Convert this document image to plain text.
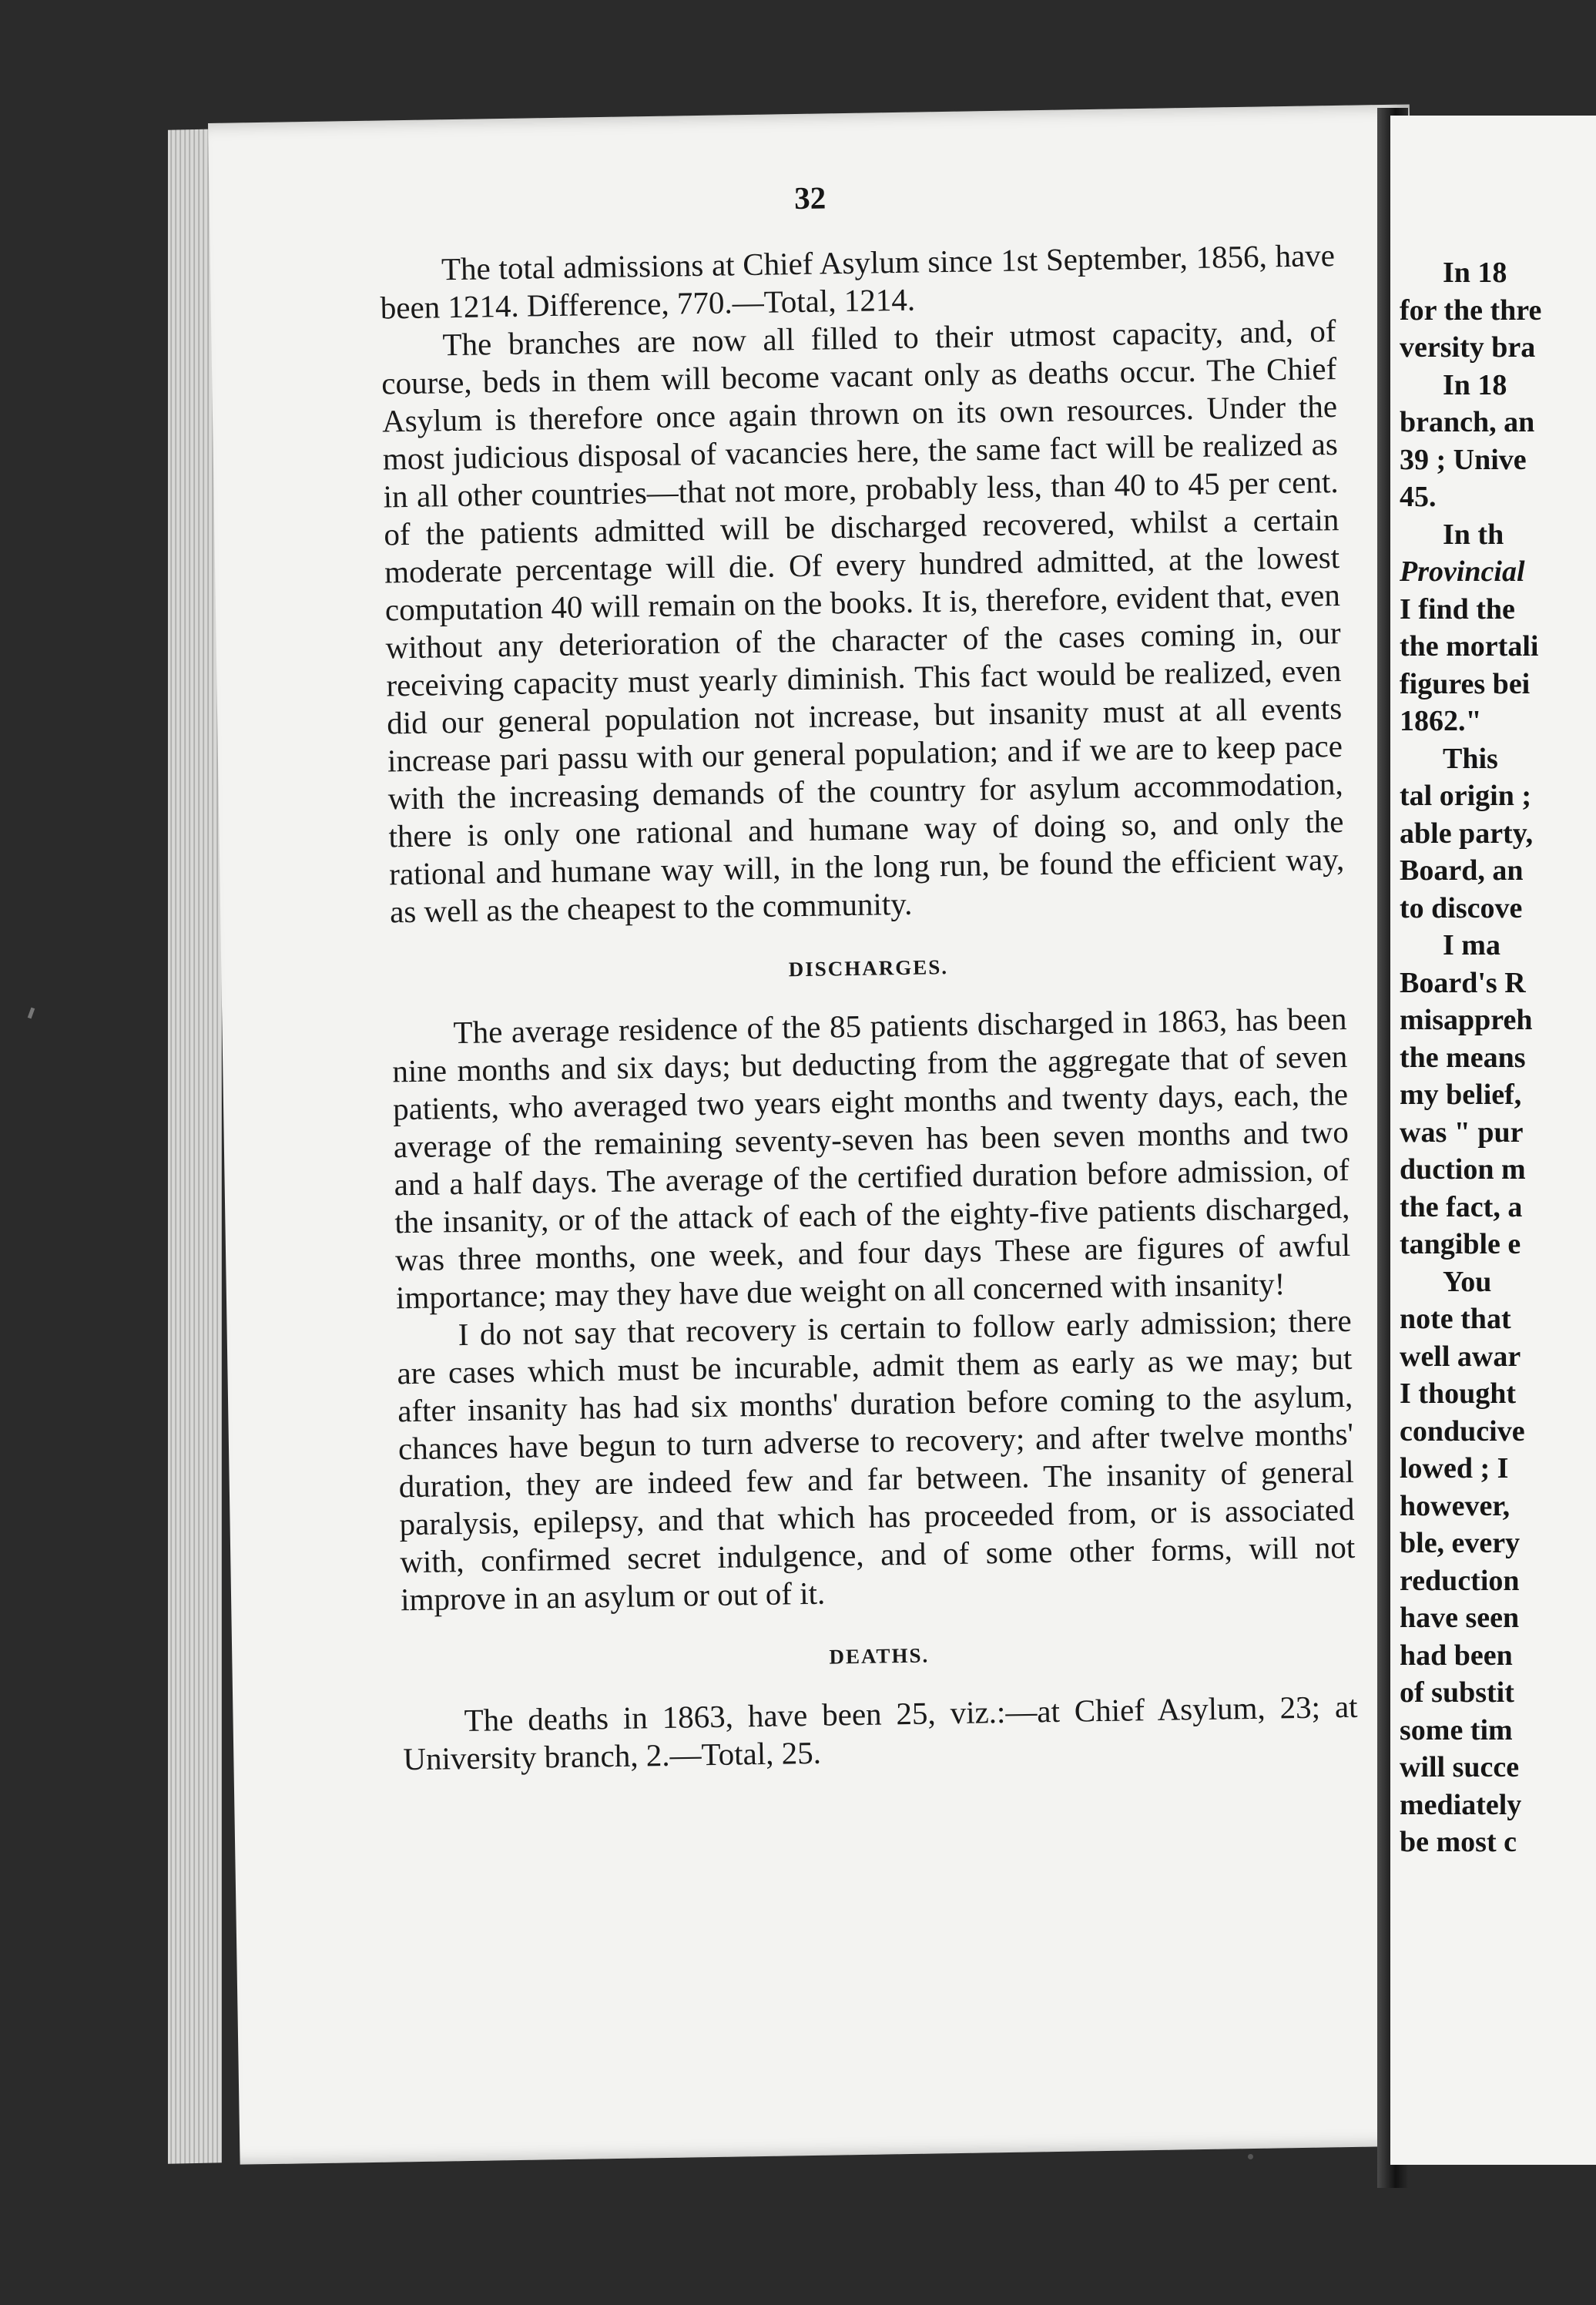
32

The total admissions at Chief Asylum since 1st September, 1856, have been 1214. Difference, 770.—Total, 1214.

The branches are now all filled to their utmost capacity, and, of course, beds in them will become vacant only as deaths occur. The Chief Asylum is therefore once again thrown on its own resources. Under the most judicious disposal of vacancies here, the same fact will be realized as in all other countries—that not more, probably less, than 40 to 45 per cent. of the patients admitted will be discharged recovered, whilst a certain moderate percentage will die. Of every hundred admitted, at the lowest computation 40 will remain on the books. It is, therefore, evident that, even without any deterioration of the character of the cases coming in, our receiving capacity must yearly diminish. This fact would be realized, even did our general population not increase, but insanity must at all events increase pari passu with our general population; and if we are to keep pace with the increasing demands of the country for asylum accommodation, there is only one rational and humane way of doing so, and only the rational and humane way will, in the long run, be found the efficient way, as well as the cheapest to the community.

DISCHARGES.

The average residence of the 85 patients discharged in 1863, has been nine months and six days; but deducting from the aggregate that of seven patients, who averaged two years eight months and twenty days, each, the average of the remaining seventy-seven has been seven months and two and a half days. The average of the certified duration before admission, of the insanity, or of the attack of each of the eighty-five patients discharged, was three months, one week, and four days These are figures of awful importance; may they have due weight on all concerned with insanity!

I do not say that recovery is certain to follow early admission; there are cases which must be incurable, admit them as early as we may; but after insanity has had six months' duration before coming to the asylum, chances have begun to turn adverse to recovery; and after twelve months' duration, they are indeed few and far between. The insanity of general paralysis, epilepsy, and that which has proceeded from, or is associated with, confirmed secret indulgence, and of some other forms, will not improve in an asylum or out of it.

DEATHS.

The deaths in 1863, have been 25, viz.:—at Chief Asylum, 23; at University branch, 2.—Total, 25.

In 18
for the thre
versity bra
In 18
branch, an
39 ; Unive
45.
In th
Provincial
I find the
the mortali
figures bei
1862."
This
tal origin ;
able party,
Board, an
to discove
I ma
Board's R
misappreh
the means
my belief,
was " pur
duction m
the fact, a
tangible e
You
note that
well awar
I thought
conducive
lowed ; I
however,
ble, every
reduction
have seen
had been
of substit
some tim
will succe
mediately
be most c
